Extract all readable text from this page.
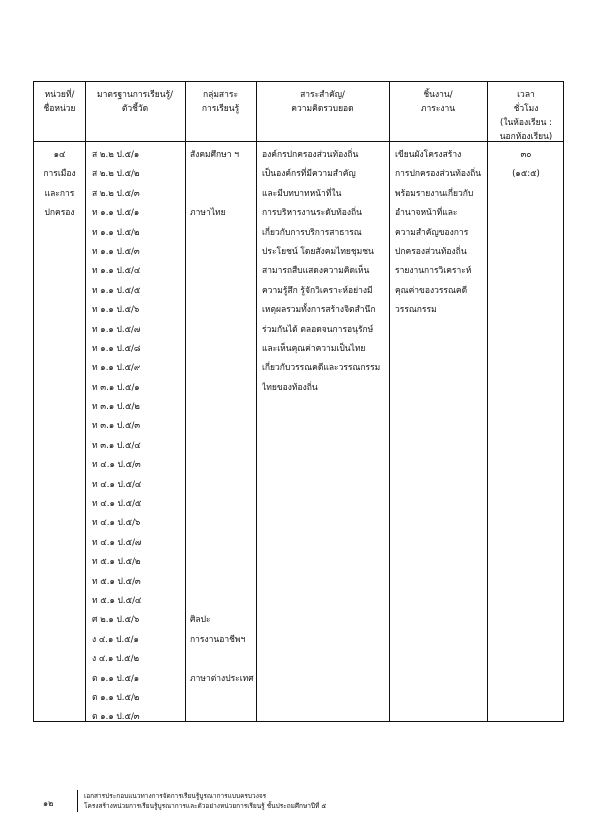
หน่วยที่/
ชื่อหน่วย
มาตรฐานการเรียนรู้/
ตัวชี้วัด
กลุ่มสาระ
การเรียนรู้
สาระสำคัญ/
ความคิดรวบยอด
ชิ้นงาน/
ภาระงาน
เวลา
ชั่วโมง
(ในห้องเรียน :
นอกห้องเรียน)
๑๔
การเมือง
และการ
ปกครอง
ส ๒.๒ ป.๕/๑
ส ๒.๒ ป.๕/๒
ส ๒.๒ ป.๕/๓
ท ๑.๑ ป.๕/๑
ท ๑.๑ ป.๕/๒
ท ๑.๑ ป.๕/๓
ท ๑.๑ ป.๕/๔
ท ๑.๑ ป.๕/๕
ท ๑.๑ ป.๕/๖
ท ๑.๑ ป.๕/๗
ท ๑.๑ ป.๕/๘
ท ๑.๑ ป.๕/๙
ท ๓.๑ ป.๕/๑
ท ๓.๑ ป.๕/๒
ท ๓.๑ ป.๕/๓
ท ๓.๑ ป.๕/๔
ท ๔.๑ ป.๕/๓
ท ๔.๑ ป.๕/๔
ท ๔.๑ ป.๕/๕
ท ๔.๑ ป.๕/๖
ท ๔.๑ ป.๕/๗
ท ๕.๑ ป.๕/๒
ท ๕.๑ ป.๕/๓
ท ๕.๑ ป.๕/๔
ศ ๒.๑ ป.๕/๖
ง ๔.๑ ป.๕/๑
ง ๔.๑ ป.๕/๒
ต ๑.๑ ป.๕/๑
ต ๑.๑ ป.๕/๒
ต ๑.๑ ป.๕/๓
สังคมศึกษา ฯ
ภาษาไทย
ศิลปะ
การงานอาชีพฯ
ภาษาต่างประเทศ
องค์กรปกครองส่วนท้องถิ่น
เป็นองค์กรที่มีความสำคัญ
และมีบทบาทหน้าที่ใน
การบริหารงานระดับท้องถิ่น
เกี่ยวกับการบริการสาธารณ
ประโยชน์ โดยสังคมไทยชุมชน
สามารถสืบแสดงความคิดเห็น
ความรู้สึก รู้จักวิเคราะห์อย่างมี
เหตุผลรวมทั้งการสร้างจิตสำนึก
ร่วมกันได้ ตลอดจนการอนุรักษ์
และเห็นคุณค่าความเป็นไทย
เกี่ยวกับวรรณคดีและวรรณกรรม
ไทยของท้องถิ่น
เขียนผังโครงสร้าง
การปกครองส่วนท้องถิ่น
พร้อมรายงานเกี่ยวกับ
อำนาจหน้าที่และ
ความสำคัญของการ
ปกครองส่วนท้องถิ่น
รายงานการวิเคราะห์
คุณค่าของวรรณคดี
วรรณกรรม
๓๐
(๑๕:๕)
๑๒
เอกสารประกอบแนวทางการจัดการเรียนรู้บูรณาการแบบครบวงจร
โครงสร้างหน่วยการเรียนรู้บูรณาการและตัวอย่างหน่วยการเรียนรู้ ชั้นประถมศึกษาปีที่ ๕
